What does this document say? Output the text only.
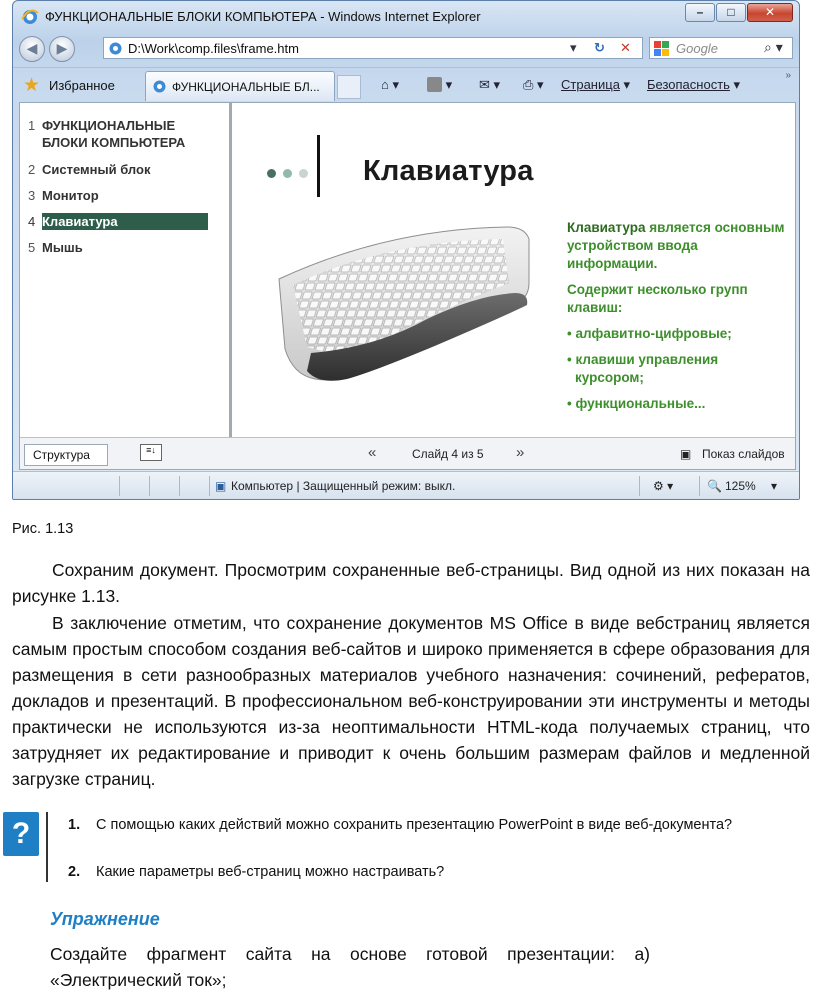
ФУНКЦИОНАЛЬНЫЕ БЛОКИ КОМПЬЮТЕРА - Windows Internet Explorer	–	□	✕
◀	▶	D:\Work\comp.files\frame.htm	▾ ↻ ✕	Google	⌕ ▾
★ Избранное	ФУНКЦИОНАЛЬНЫЕ БЛ...	⌂ ▾	▾ ✉ ▾ ⎙ ▾ Страница ▾ Безопасность ▾
»
1 ФУНКЦИОНАЛЬНЫЕ БЛОКИ КОМПЬЮТЕРА
2 Системный блок
3 Монитор
4 Клавиатура
5 Мышь
Клавиатура

Клавиатура является основным устройством ввода информации.

Содержит несколько групп клавиш:

• алфавитно-цифровые;
• клавиши управления курсором;
• функциональные...
Структура	≡↓	«	Слайд 4 из 5 »	▣ Показ слайдов
▣ Компьютер | Защищенный режим: выкл.	⚙ ▾	🔍 125% ▾
Рис. 1.13
Сохраним документ. Просмотрим сохраненные веб-страницы. Вид одной из них показан на рисунке 1.13.
В заключение отметим, что сохранение документов MS Office в виде вебстраниц является самым простым способом создания веб-сайтов и широко применяется в сфере образования для размещения в сети разнообразных материалов учебного назначения: сочинений, рефератов, докладов и презентаций. В профессиональном веб-конструировании эти инструменты и методы практически не используются из-за неоптимальности HTML-кода получаемых страниц, что затрудняет их редактирование и приводит к очень большим размерам файлов и медленной загрузке страниц.
?	1. С помощью каких действий можно сохранить презентацию PowerPoint в виде веб-документа?
2. Какие параметры веб-страниц можно настраивать?
Упражнение
Создайте фрагмент сайта на основе готовой презентации: а) «Электрический ток»;
